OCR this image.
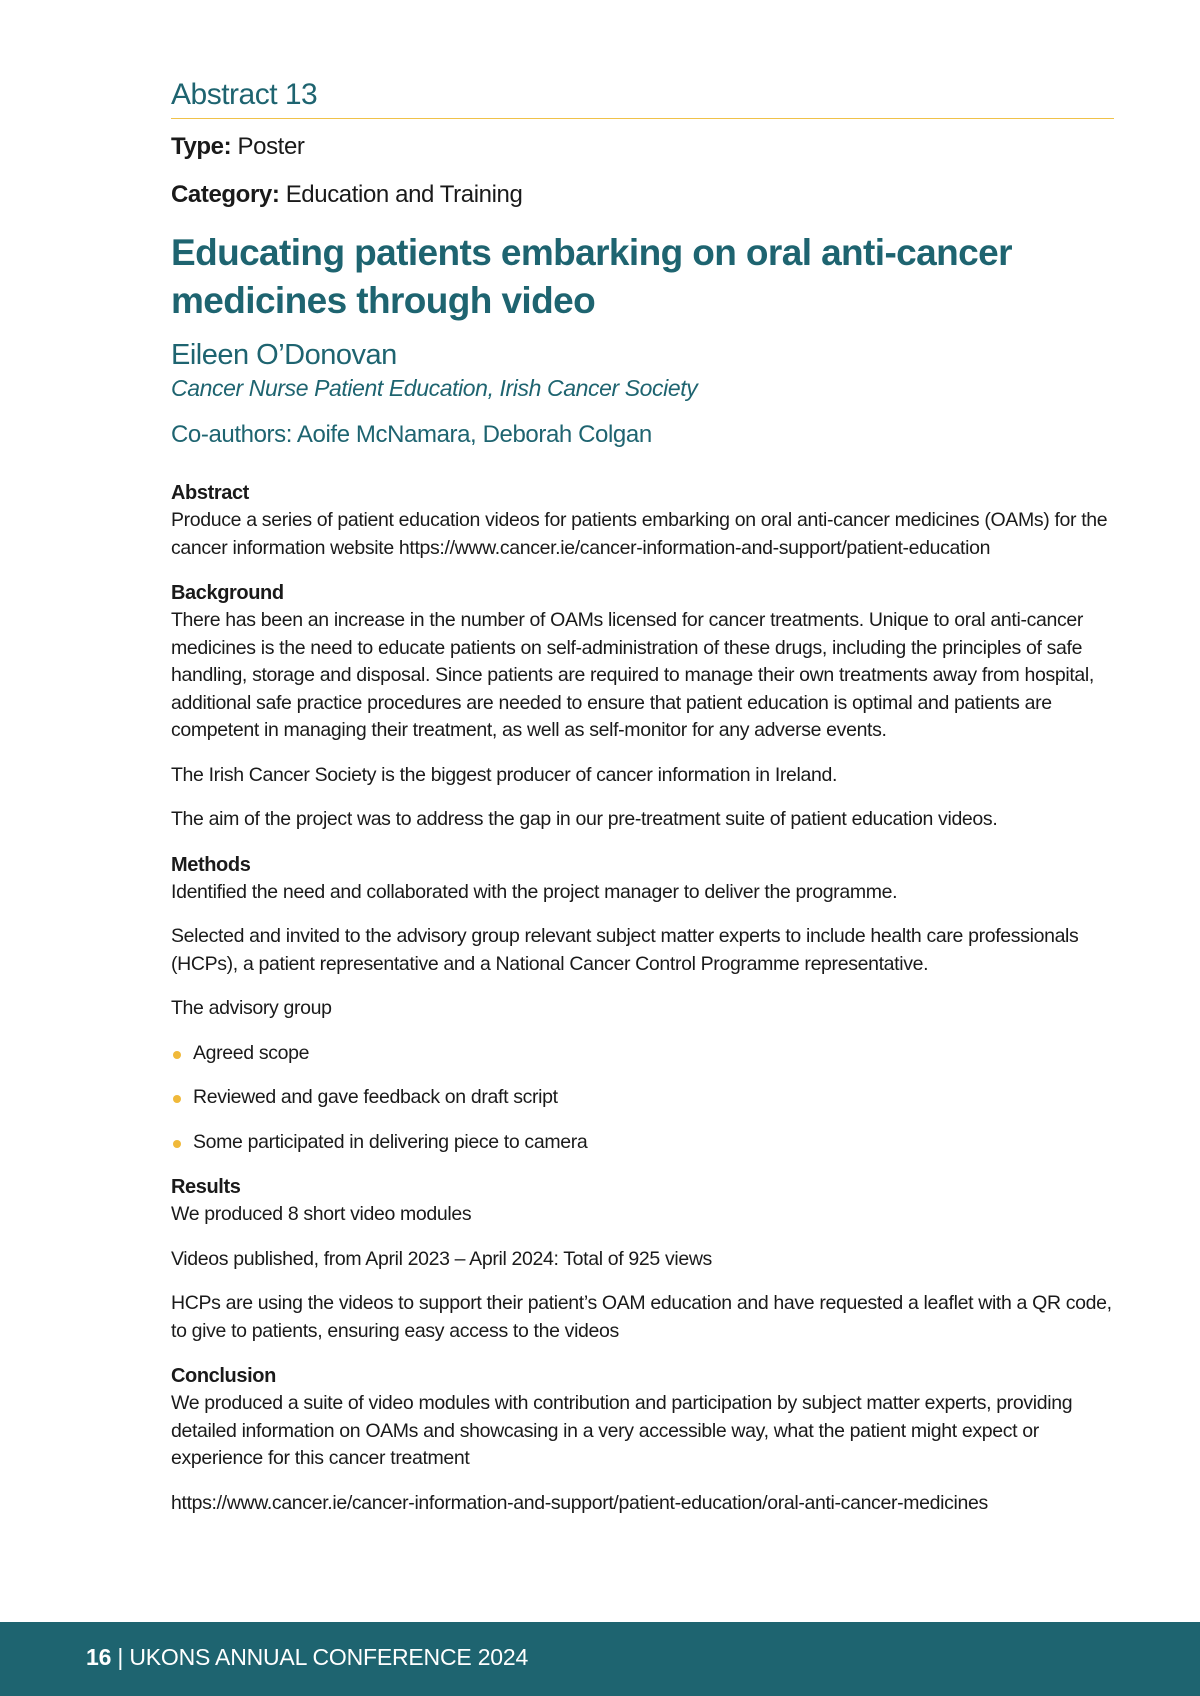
Abstract 13

Type: Poster

Category: Education and Training

Educating patients embarking on oral anti-cancer medicines through video
Eileen O’Donovan
Cancer Nurse Patient Education, Irish Cancer Society
Co-authors: Aoife McNamara, Deborah Colgan
Abstract

Produce a series of patient education videos for patients embarking on oral anti-cancer medicines (OAMs) for the cancer information website https://www.cancer.ie/cancer-information-and-support/patient-education

Background

There has been an increase in the number of OAMs licensed for cancer treatments. Unique to oral anti-cancer medicines is the need to educate patients on self-administration of these drugs, including the principles of safe handling, storage and disposal. Since patients are required to manage their own treatments away from hospital, additional safe practice procedures are needed to ensure that patient education is optimal and patients are competent in managing their treatment, as well as self-monitor for any adverse events.

The Irish Cancer Society is the biggest producer of cancer information in Ireland.

The aim of the project was to address the gap in our pre-treatment suite of patient education videos.

Methods

Identified the need and collaborated with the project manager to deliver the programme.

Selected and invited to the advisory group relevant subject matter experts to include health care professionals (HCPs), a patient representative and a National Cancer Control Programme representative.

The advisory group

Agreed scope
Reviewed and gave feedback on draft script
Some participated in delivering piece to camera
Results

We produced 8 short video modules

Videos published, from April 2023 – April 2024: Total of 925 views

HCPs are using the videos to support their patient’s OAM education and have requested a leaflet with a QR code, to give to patients, ensuring easy access to the videos

Conclusion

We produced a suite of video modules with contribution and participation by subject matter experts, providing detailed information on OAMs and showcasing in a very accessible way, what the patient might expect or experience for this cancer treatment

https://www.cancer.ie/cancer-information-and-support/patient-education/oral-anti-cancer-medicines

16 | UKONS ANNUAL CONFERENCE 2024
